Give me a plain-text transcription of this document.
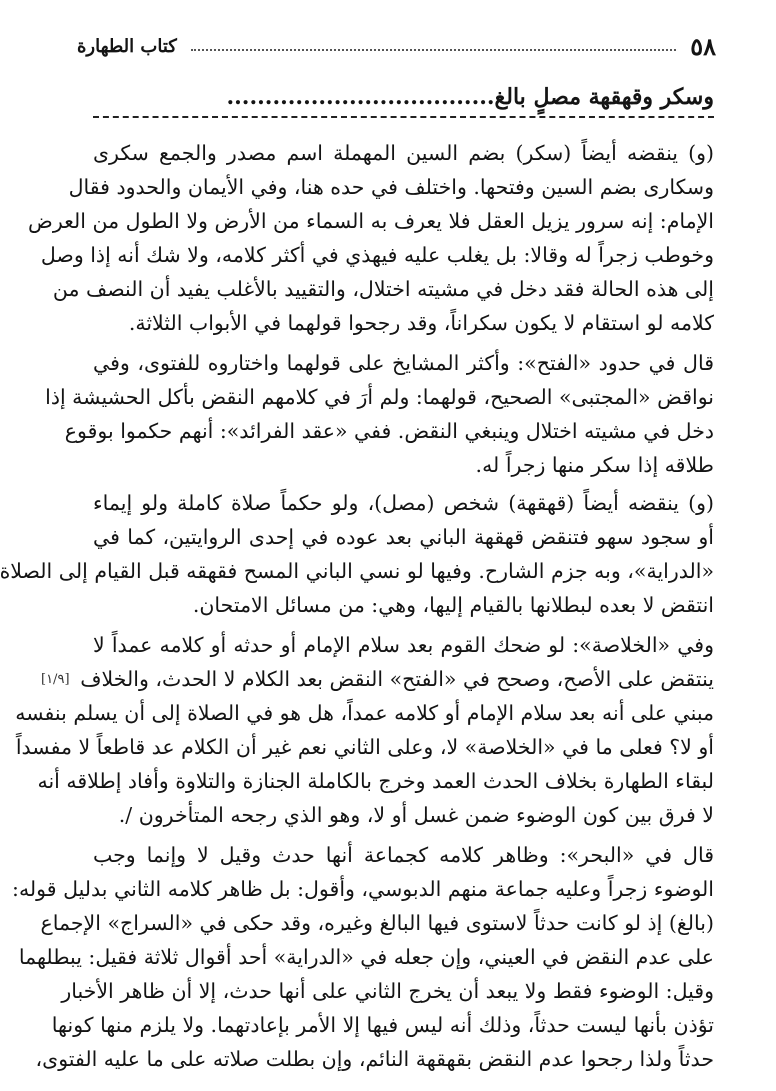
٥٨
كتاب الطهارة
وسكر وقهقهة مصلٍ بالغ...................................
(و) ينقضه أيضاً (سكر) بضم السين المهملة اسم مصدر والجمع سكرى
وسكارى بضم السين وفتحها. واختلف في حده هنا، وفي الأيمان والحدود فقال
الإمام: إنه سرور يزيل العقل فلا يعرف به السماء من الأرض ولا الطول من العرض
وخوطب زجراً له وقالا: بل يغلب عليه فيهذي في أكثر كلامه، ولا شك أنه إذا وصل
إلى هذه الحالة فقد دخل في مشيته اختلال، والتقييد بالأغلب يفيد أن النصف من
كلامه لو استقام لا يكون سكراناً، وقد رجحوا قولهما في الأبواب الثلاثة.
قال في حدود «الفتح»: وأكثر المشايخ على قولهما واختاروه للفتوى، وفي
نواقض «المجتبى» الصحيح، قولهما: ولم أرَ في كلامهم النقض بأكل الحشيشة إذا
دخل في مشيته اختلال وينبغي النقض. ففي «عقد الفرائد»: أنهم حكموا بوقوع
طلاقه إذا سكر منها زجراً له.
(و) ينقضه أيضاً (قهقهة) شخص (مصل)، ولو حكماً صلاة كاملة ولو إيماء
أو سجود سهو فتنقض قهقهة الباني بعد عوده في إحدى الروايتين، كما في
«الدراية»، وبه جزم الشارح. وفيها لو نسي الباني المسح فقهقه قبل القيام إلى الصلاة
انتقض لا بعده لبطلانها بالقيام إليها، وهي: من مسائل الامتحان.
وفي «الخلاصة»: لو ضحك القوم بعد سلام الإمام أو حدثه أو كلامه عمداً لا
ينتقض على الأصح، وصحح في «الفتح» النقض بعد الكلام لا الحدث، والخلاف
مبني على أنه بعد سلام الإمام أو كلامه عمداً، هل هو في الصلاة إلى أن يسلم بنفسه
أو لا؟ فعلى ما في «الخلاصة» لا، وعلى الثاني نعم غير أن الكلام عد قاطعاً لا مفسداً
لبقاء الطهارة بخلاف الحدث العمد وخرج بالكاملة الجنازة والتلاوة وأفاد إطلاقه أنه
لا فرق بين كون الوضوء ضمن غسل أو لا، وهو الذي رجحه المتأخرون /.
قال في «البحر»: وظاهر كلامه كجماعة أنها حدث وقيل لا وإنما وجب
الوضوء زجراً وعليه جماعة منهم الدبوسي، وأقول: بل ظاهر كلامه الثاني بدليل قوله:
(بالغ) إذ لو كانت حدثاً لاستوى فيها البالغ وغيره، وقد حكى في «السراج» الإجماع
على عدم النقض في العيني، وإن جعله في «الدراية» أحد أقوال ثلاثة فقيل: يبطلهما
وقيل: الوضوء فقط ولا يبعد أن يخرج الثاني على أنها حدث، إلا أن ظاهر الأخبار
تؤذن بأنها ليست حدثاً، وذلك أنه ليس فيها إلا الأمر بإعادتهما. ولا يلزم منها كونها
حدثاً ولذا رجحوا عدم النقض بقهقهة النائم، وإن بطلت صلاته على ما عليه الفتوى،
[١/٩]
